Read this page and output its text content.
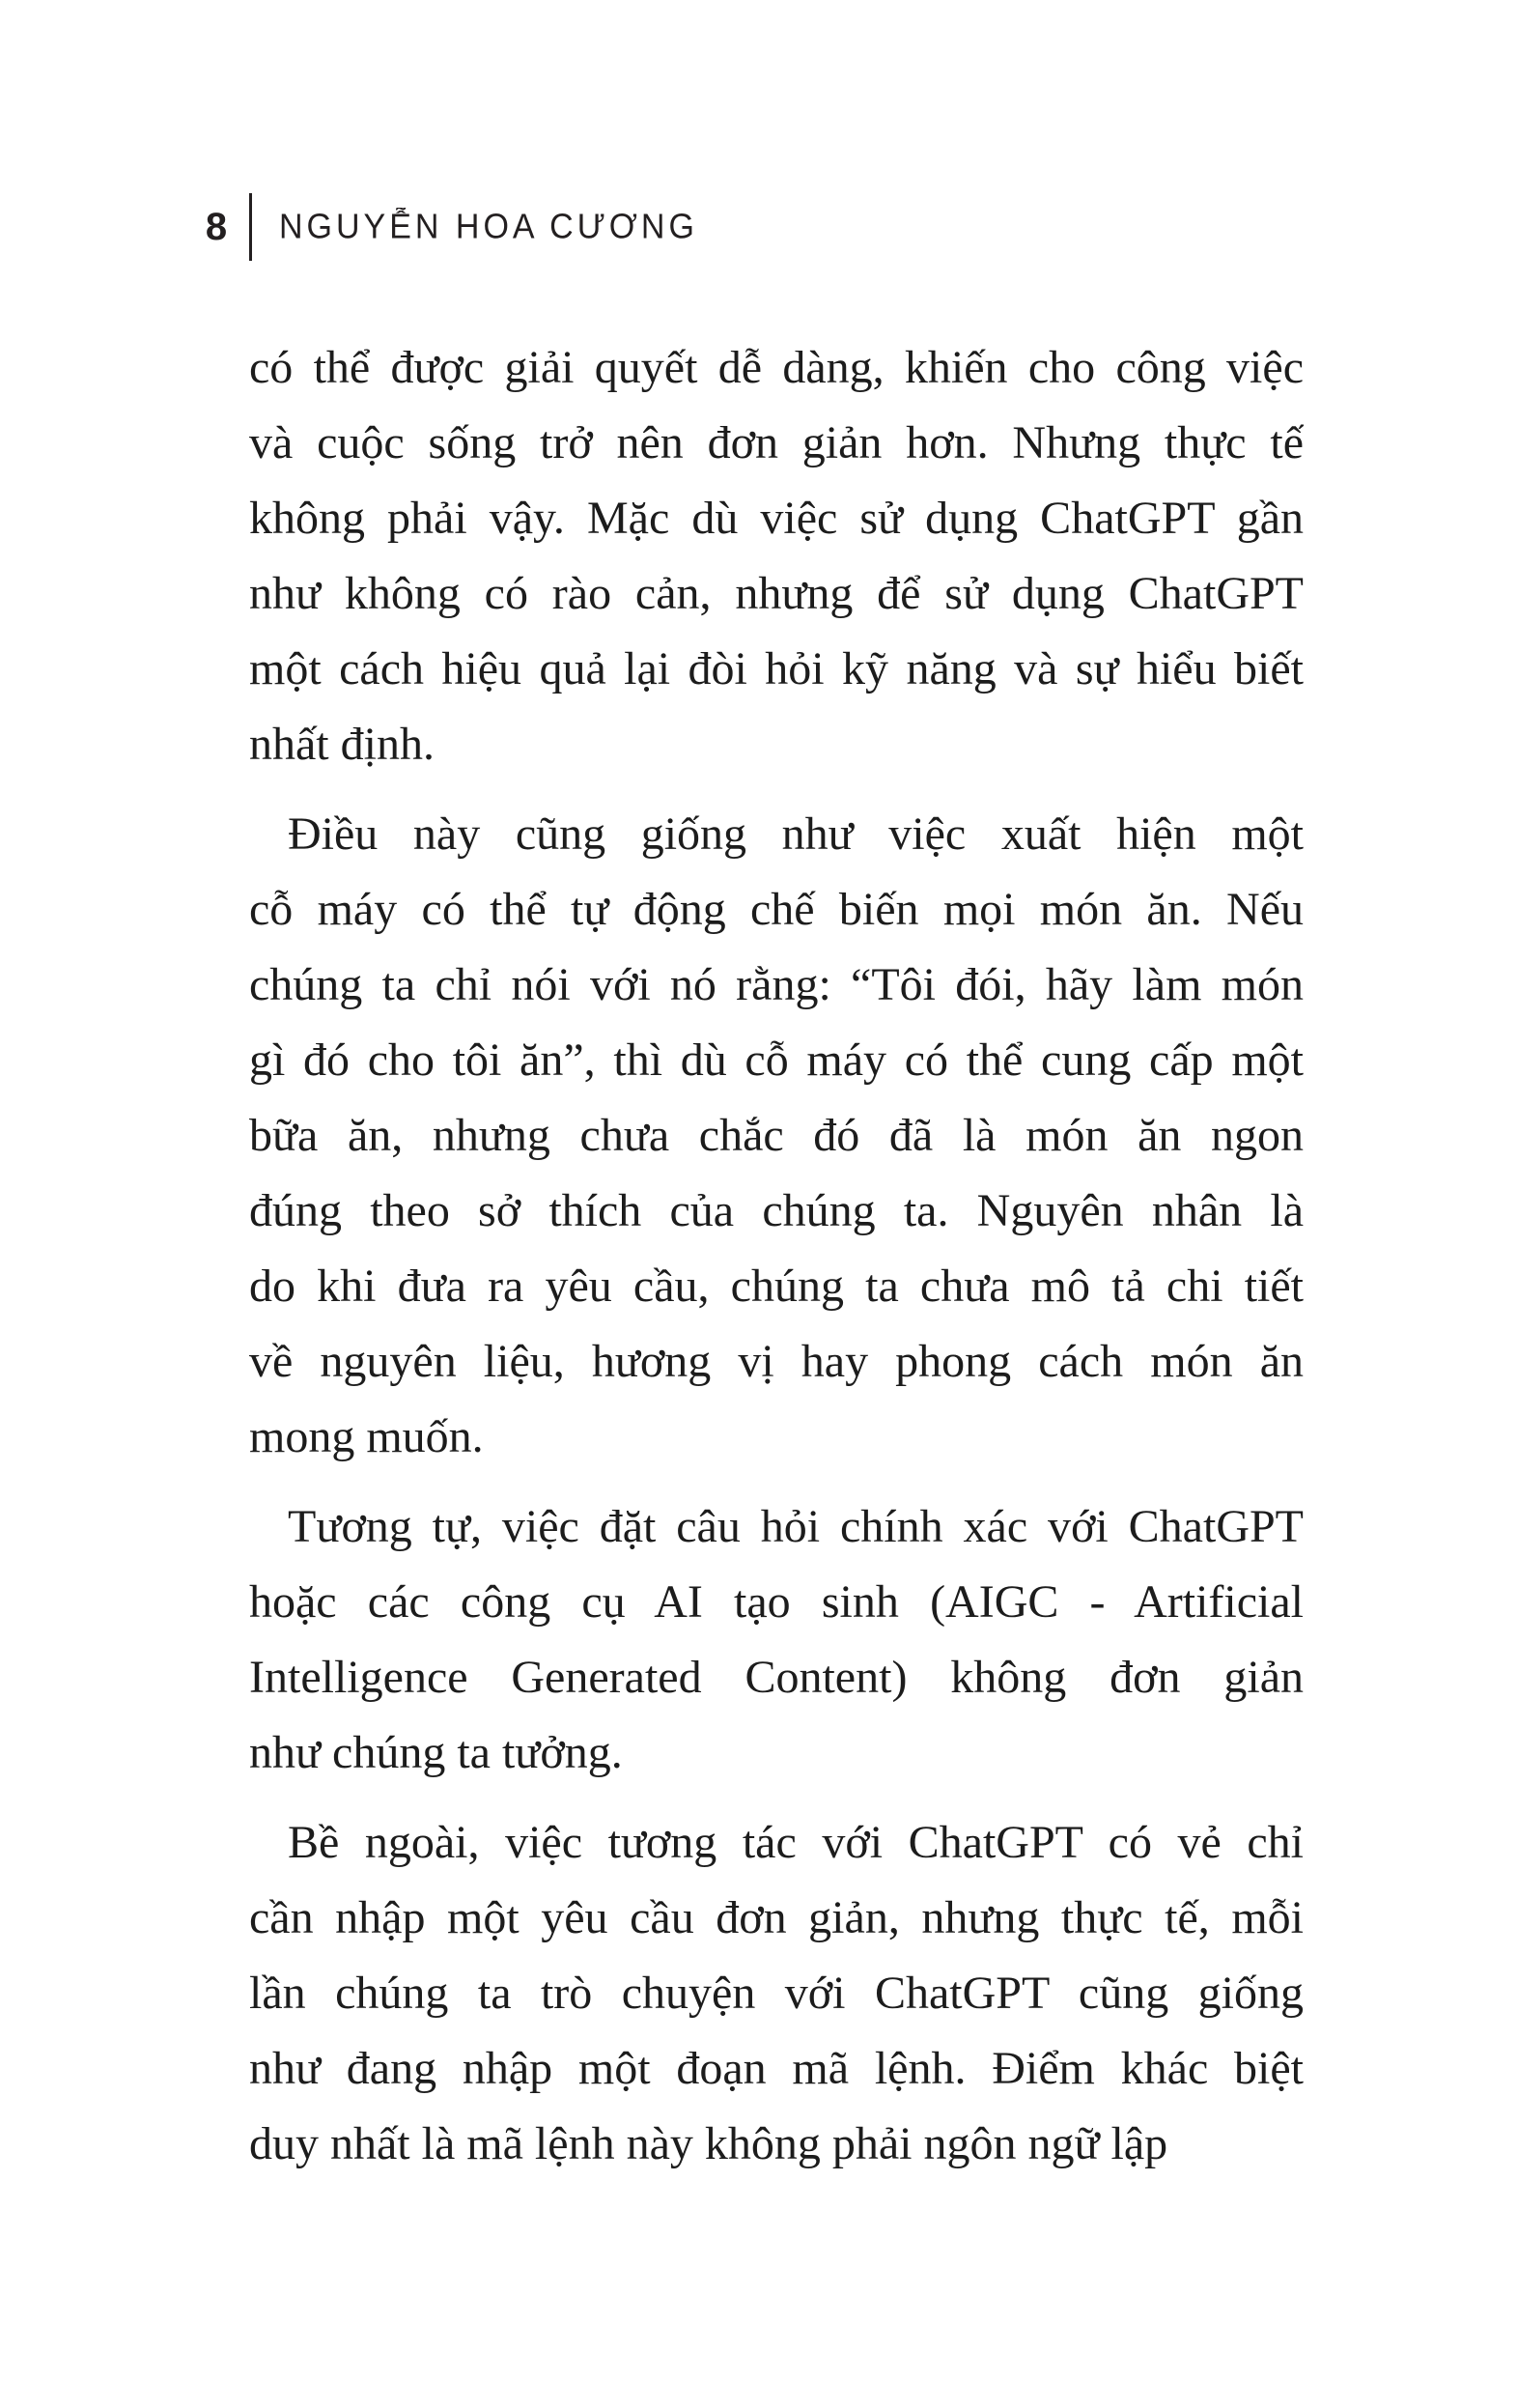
8	NGUYỄN HOA CƯƠNG
có thể được giải quyết dễ dàng, khiến cho công việc
và cuộc sống trở nên đơn giản hơn. Nhưng thực tế
không phải vậy. Mặc dù việc sử dụng ChatGPT gần
như không có rào cản, nhưng để sử dụng ChatGPT
một cách hiệu quả lại đòi hỏi kỹ năng và sự hiểu biết
nhất định.
Điều này cũng giống như việc xuất hiện một
cỗ máy có thể tự động chế biến mọi món ăn. Nếu
chúng ta chỉ nói với nó rằng: “Tôi đói, hãy làm món
gì đó cho tôi ăn”, thì dù cỗ máy có thể cung cấp một
bữa ăn, nhưng chưa chắc đó đã là món ăn ngon
đúng theo sở thích của chúng ta. Nguyên nhân là
do khi đưa ra yêu cầu, chúng ta chưa mô tả chi tiết
về nguyên liệu, hương vị hay phong cách món ăn
mong muốn.
Tương tự, việc đặt câu hỏi chính xác với ChatGPT
hoặc các công cụ AI tạo sinh (AIGC - Artificial
Intelligence Generated Content) không đơn giản
như chúng ta tưởng.
Bề ngoài, việc tương tác với ChatGPT có vẻ chỉ
cần nhập một yêu cầu đơn giản, nhưng thực tế, mỗi
lần chúng ta trò chuyện với ChatGPT cũng giống
như đang nhập một đoạn mã lệnh. Điểm khác biệt
duy nhất là mã lệnh này không phải ngôn ngữ lập
